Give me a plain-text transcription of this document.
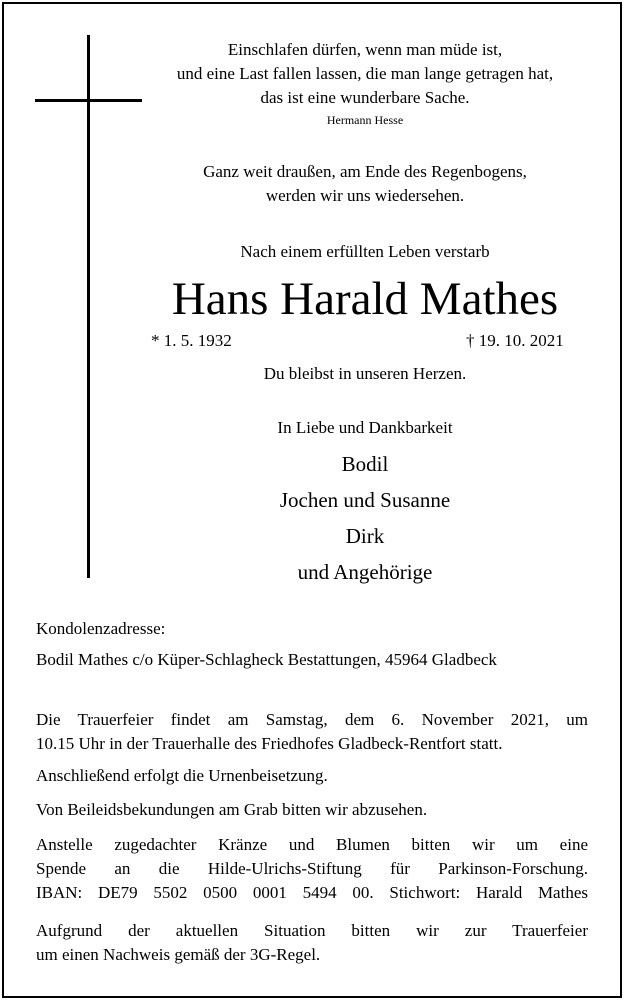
Einschlafen dürfen, wenn man müde ist,
und eine Last fallen lassen, die man lange getragen hat,
das ist eine wunderbare Sache.
Hermann Hesse
Ganz weit draußen, am Ende des Regenbogens,
werden wir uns wiedersehen.
Nach einem erfüllten Leben verstarb
Hans Harald Mathes
* 1. 5. 1932	† 19. 10. 2021
Du bleibst in unseren Herzen.
In Liebe und Dankbarkeit
Bodil
Jochen und Susanne
Dirk
und Angehörige
Kondolenzadresse:
Bodil Mathes c/o Küper-Schlagheck Bestattungen, 45964 Gladbeck
Die Trauerfeier findet am Samstag, dem 6. November 2021, um
10.15 Uhr in der Trauerhalle des Friedhofes Gladbeck-Rentfort statt.
Anschließend erfolgt die Urnenbeisetzung.
Von Beileidsbekundungen am Grab bitten wir abzusehen.
Anstelle zugedachter Kränze und Blumen bitten wir um eine
Spende an die Hilde-Ulrichs-Stiftung für Parkinson-Forschung.
IBAN: DE79 5502 0500 0001 5494 00. Stichwort: Harald Mathes
Aufgrund der aktuellen Situation bitten wir zur Trauerfeier
um einen Nachweis gemäß der 3G-Regel.
